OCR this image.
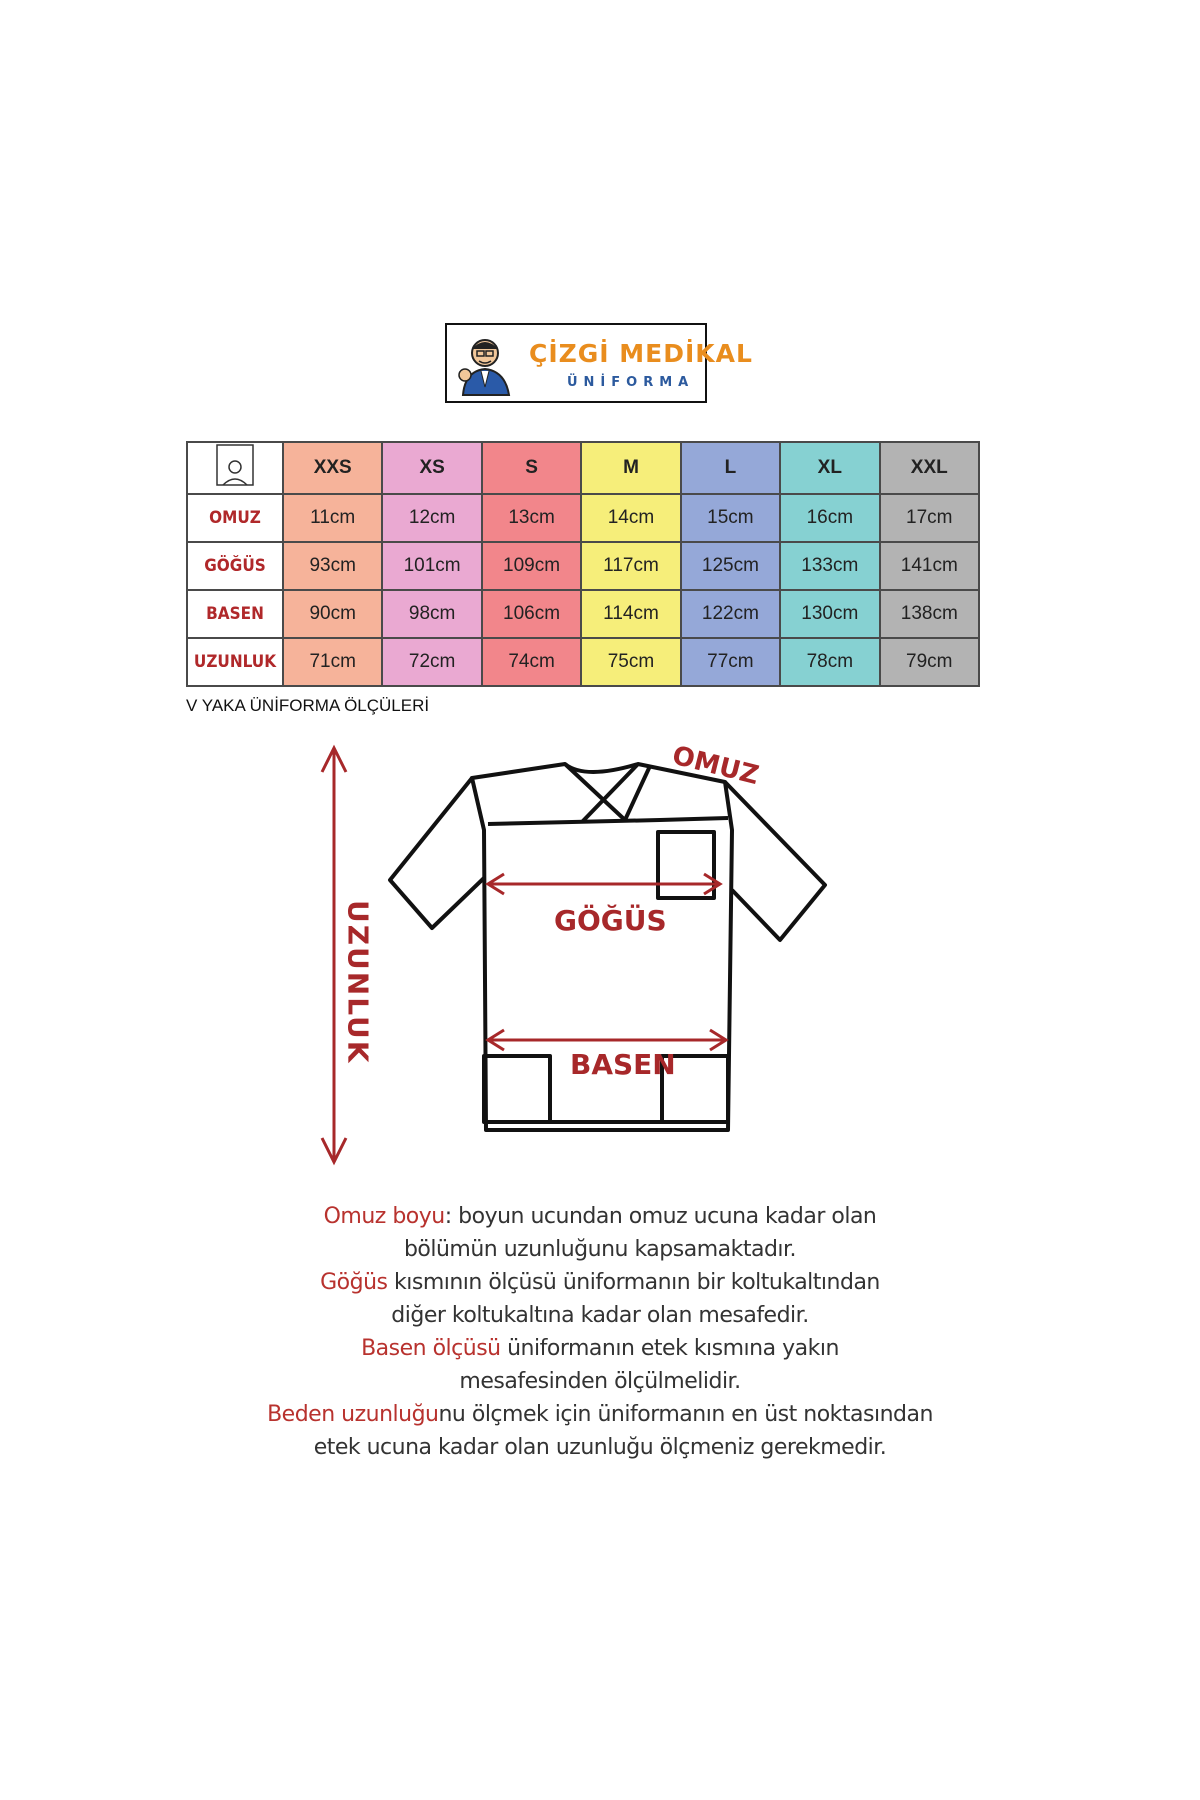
ÇİZGİ MEDİKAL
ÜNİFORMA
	XXS	XS	S	M	L	XL	XXL
OMUZ	11cm	12cm	13cm	14cm	15cm	16cm	17cm
GÖĞÜS	93cm	101cm	109cm	117cm	125cm	133cm	141cm
BASEN	90cm	98cm	106cm	114cm	122cm	130cm	138cm
UZUNLUK	71cm	72cm	74cm	75cm	77cm	78cm	79cm
V YAKA ÜNİFORMA ÖLÇÜLERİ
OMUZ
GÖĞÜS
BASEN
UZUNLUK

Omuz boyu: boyun ucundan omuz ucuna kadar olan

bölümün uzunluğunu kapsamaktadır.

Göğüs kısmının ölçüsü üniformanın bir koltukaltından

diğer koltukaltına kadar olan mesafedir.

Basen ölçüsü üniformanın etek kısmına yakın

mesafesinden ölçülmelidir.

Beden uzunluğunu ölçmek için üniformanın en üst noktasından

etek ucuna kadar olan uzunluğu ölçmeniz gerekmedir.
